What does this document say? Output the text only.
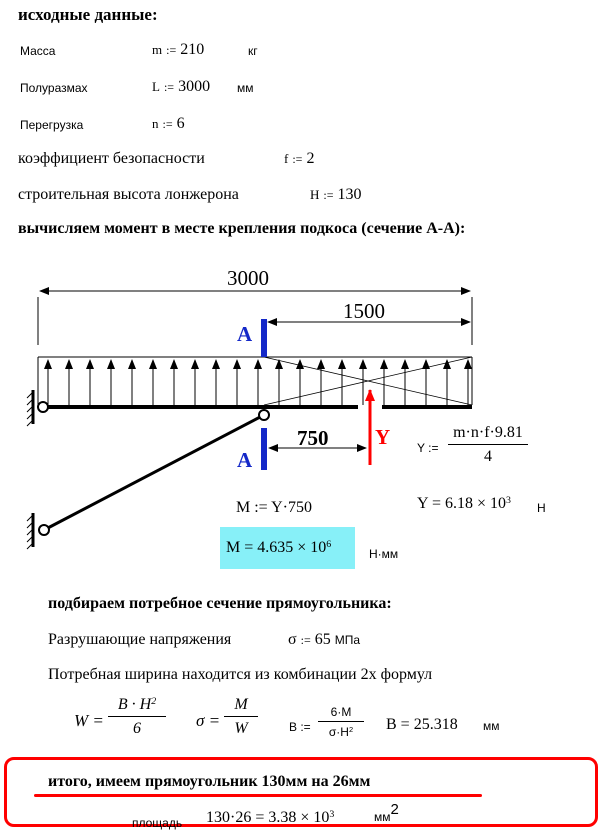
исходные данные:
Масса	m := 210	кг
Полуразмах	L := 3000 мм
Перегрузка	n := 6
коэффициент безопасности	f := 2
строительная высота лонжерона	H := 130
вычисляем момент в месте крепления подкоса (сечение А-А):
А
А
3000
1500
750 Y Y :=
m·n·f·9.81
4
M := Y·750	$Y = 6.18 \times 10^3$
Н
$M = 4.635 \times 10^6$
Н·мм
подбираем потребное сечение прямоугольника:
Разрушающие напряжения	σ := 65 МПа
Потребная ширина находится из комбинации 2х формул
W =
$B \cdot H^2$
6	σ =
M
W	B :=
6·M
$\sigma\cdot H^2$	B = 25.318 мм
итого, имеем прямоугольник 130мм на 26мм
площадь $130\cdot 26 = 3.38 \times 10^3$	$мм^2$
